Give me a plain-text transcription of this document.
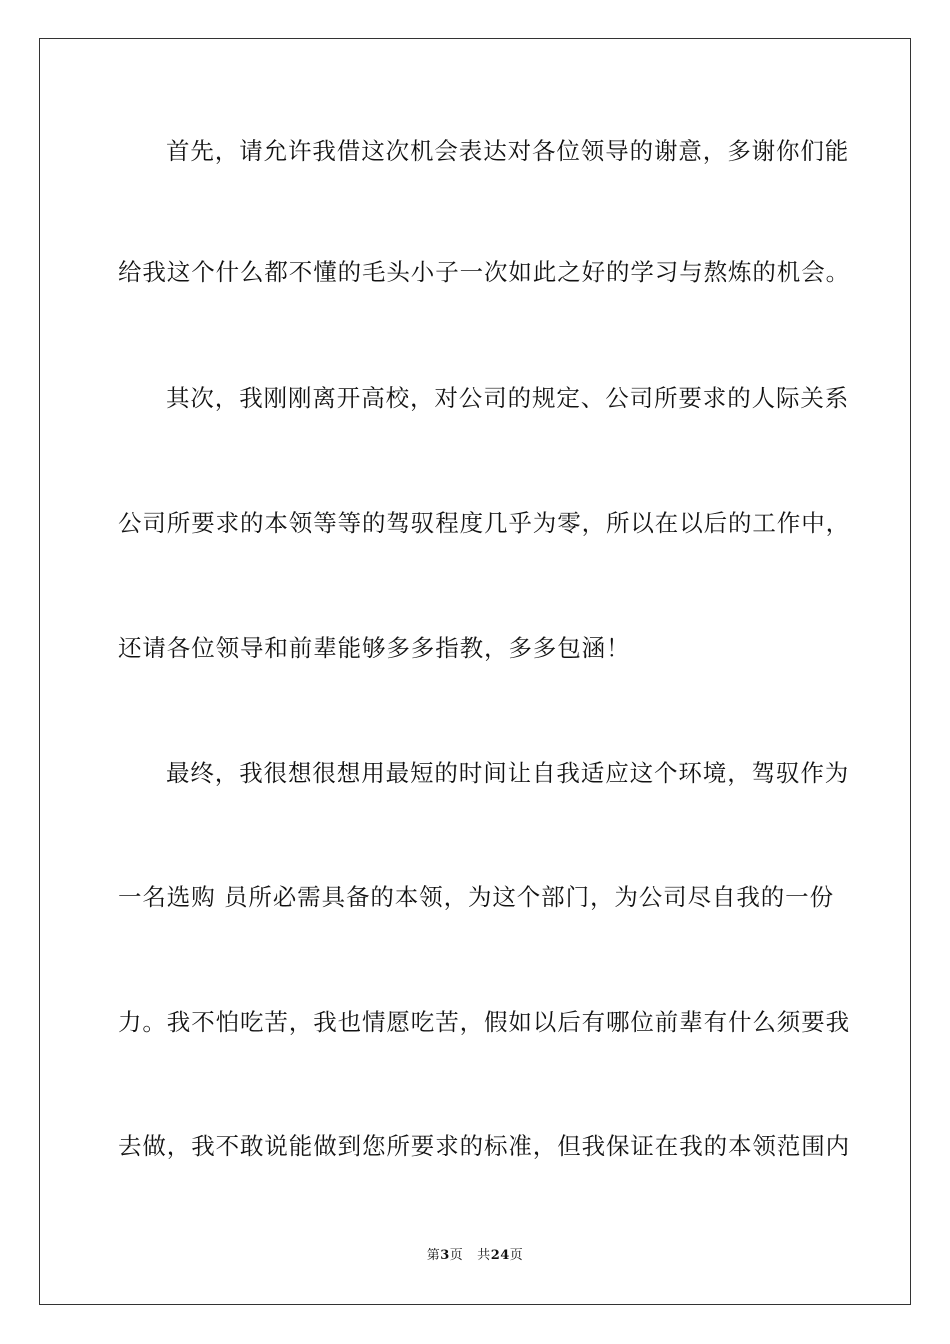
首先，请允许我借这次机会表达对各位领导的谢意，多谢你们能
给我这个什么都不懂的毛头小子一次如此之好的学习与熬炼的机会。
其次，我刚刚离开高校，对公司的规定、公司所要求的人际关系
公司所要求的本领等等的驾驭程度几乎为零，所以在以后的工作中，
还请各位领导和前辈能够多多指教，多多包涵！
最终，我很想很想用最短的时间让自我适应这个环境，驾驭作为
一名选购 员所必需具备的本领，为这个部门，为公司尽自我的一份
力。我不怕吃苦，我也情愿吃苦，假如以后有哪位前辈有什么须要我
去做，我不敢说能做到您所要求的标准，但我保证在我的本领范围内
第3页 共24页
